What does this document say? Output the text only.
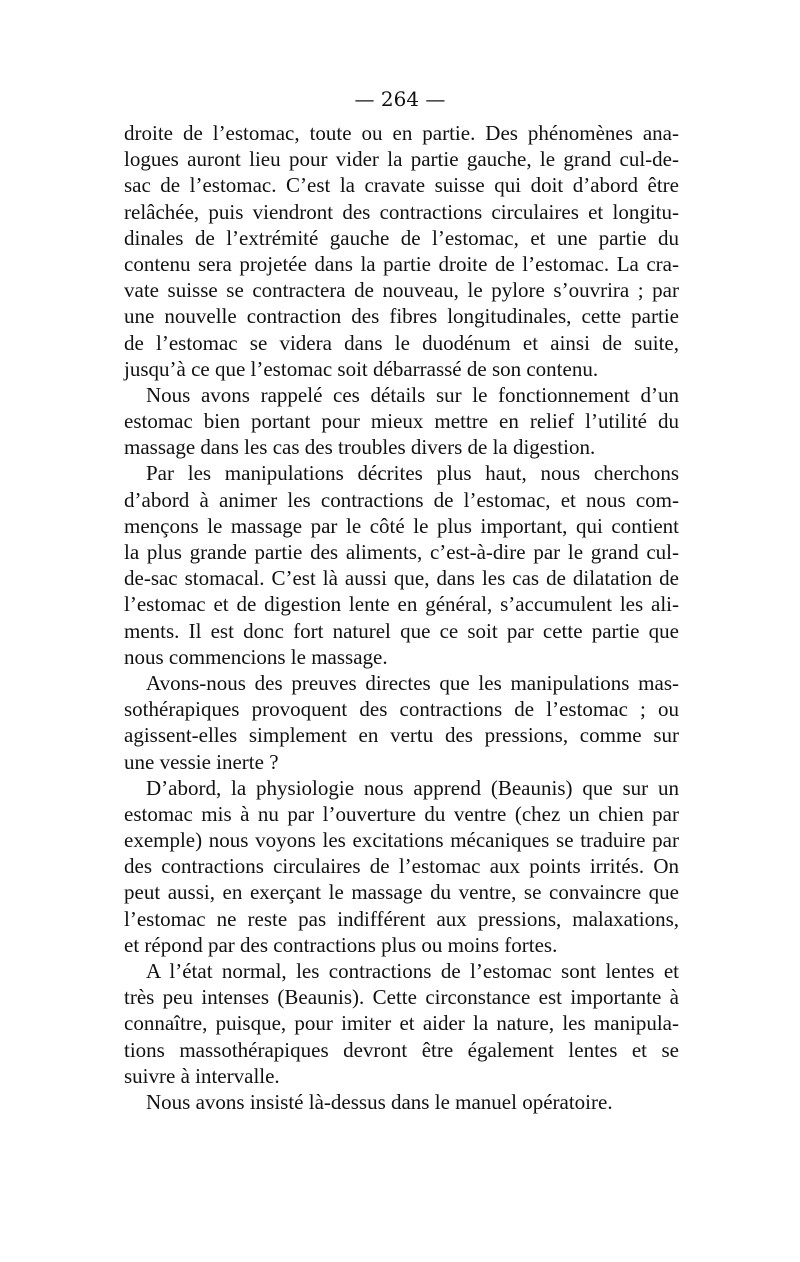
— 264 —
droite de l’estomac, toute ou en partie. Des phénomènes ana-
logues auront lieu pour vider la partie gauche, le grand cul-de-
sac de l’estomac. C’est la cravate suisse qui doit d’abord être
relâchée, puis viendront des contractions circulaires et longitu-
dinales de l’extrémité gauche de l’estomac, et une partie du
contenu sera projetée dans la partie droite de l’estomac. La cra-
vate suisse se contractera de nouveau, le pylore s’ouvrira ; par
une nouvelle contraction des fibres longitudinales, cette partie
de l’estomac se videra dans le duodénum et ainsi de suite,
jusqu’à ce que l’estomac soit débarrassé de son contenu.
Nous avons rappelé ces détails sur le fonctionnement d’un
estomac bien portant pour mieux mettre en relief l’utilité du
massage dans les cas des troubles divers de la digestion.
Par les manipulations décrites plus haut, nous cherchons
d’abord à animer les contractions de l’estomac, et nous com-
mençons le massage par le côté le plus important, qui contient
la plus grande partie des aliments, c’est-à-dire par le grand cul-
de-sac stomacal. C’est là aussi que, dans les cas de dilatation de
l’estomac et de digestion lente en général, s’accumulent les ali-
ments. Il est donc fort naturel que ce soit par cette partie que
nous commencions le massage.
Avons-nous des preuves directes que les manipulations mas-
sothérapiques provoquent des contractions de l’estomac ; ou
agissent-elles simplement en vertu des pressions, comme sur
une vessie inerte ?
D’abord, la physiologie nous apprend (Beaunis) que sur un
estomac mis à nu par l’ouverture du ventre (chez un chien par
exemple) nous voyons les excitations mécaniques se traduire par
des contractions circulaires de l’estomac aux points irrités. On
peut aussi, en exerçant le massage du ventre, se convaincre que
l’estomac ne reste pas indifférent aux pressions, malaxations,
et répond par des contractions plus ou moins fortes.
A l’état normal, les contractions de l’estomac sont lentes et
très peu intenses (Beaunis). Cette circonstance est importante à
connaître, puisque, pour imiter et aider la nature, les manipula-
tions massothérapiques devront être également lentes et se
suivre à intervalle.
Nous avons insisté là-dessus dans le manuel opératoire.
